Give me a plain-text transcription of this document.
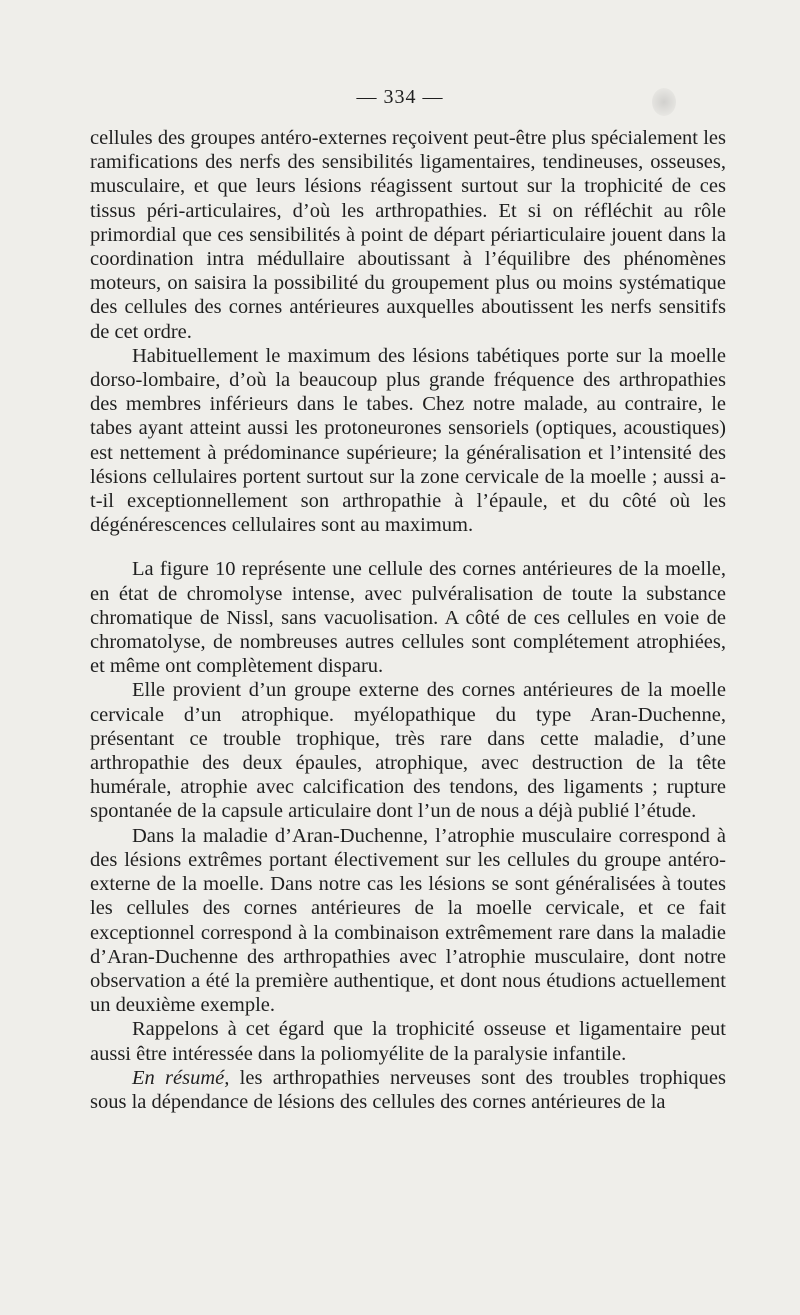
— 334 —

cellules des groupes antéro-externes reçoivent peut-être plus spécialement les ramifications des nerfs des sensibilités ligamentaires, tendineuses, osseuses, musculaire, et que leurs lésions réagissent surtout sur la trophicité de ces tissus péri-articulaires, d’où les arthropathies. Et si on réfléchit au rôle primordial que ces sensibilités à point de départ périarticulaire jouent dans la coordination intra médullaire aboutissant à l’équilibre des phénomènes moteurs, on saisira la possibilité du groupement plus ou moins systématique des cellules des cornes antérieures auxquelles aboutissent les nerfs sensitifs de cet ordre.

Habituellement le maximum des lésions tabétiques porte sur la moelle dorso-lombaire, d’où la beaucoup plus grande fréquence des arthropathies des membres inférieurs dans le tabes. Chez notre malade, au contraire, le tabes ayant atteint aussi les protoneurones sensoriels (optiques, acoustiques) est nettement à prédominance supérieure; la généralisation et l’intensité des lésions cellulaires portent surtout sur la zone cervicale de la moelle ; aussi a-t-il exceptionnellement son arthropathie à l’épaule, et du côté où les dégénérescences cellulaires sont au maximum.

La figure 10 représente une cellule des cornes antérieures de la moelle, en état de chromolyse intense, avec pulvéralisation de toute la substance chromatique de Nissl, sans vacuolisation. A côté de ces cellules en voie de chromatolyse, de nombreuses autres cellules sont complétement atrophiées, et même ont complètement disparu.

Elle provient d’un groupe externe des cornes antérieures de la moelle cervicale d’un atrophique. myélopathique du type Aran-Duchenne, présentant ce trouble trophique, très rare dans cette maladie, d’une arthropathie des deux épaules, atrophique, avec destruction de la tête humérale, atrophie avec calcification des tendons, des ligaments ; rupture spontanée de la capsule articulaire dont l’un de nous a déjà publié l’étude.

Dans la maladie d’Aran-Duchenne, l’atrophie musculaire correspond à des lésions extrêmes portant électivement sur les cellules du groupe antéro-externe de la moelle. Dans notre cas les lésions se sont généralisées à toutes les cellules des cornes antérieures de la moelle cervicale, et ce fait exceptionnel correspond à la combinaison extrêmement rare dans la maladie d’Aran-Duchenne des arthropathies avec l’atrophie musculaire, dont notre observation a été la première authentique, et dont nous étudions actuellement un deuxième exemple.

Rappelons à cet égard que la trophicité osseuse et ligamentaire peut aussi être intéressée dans la poliomyélite de la paralysie infantile.

En résumé, les arthropathies nerveuses sont des troubles trophiques sous la dépendance de lésions des cellules des cornes antérieures de la
